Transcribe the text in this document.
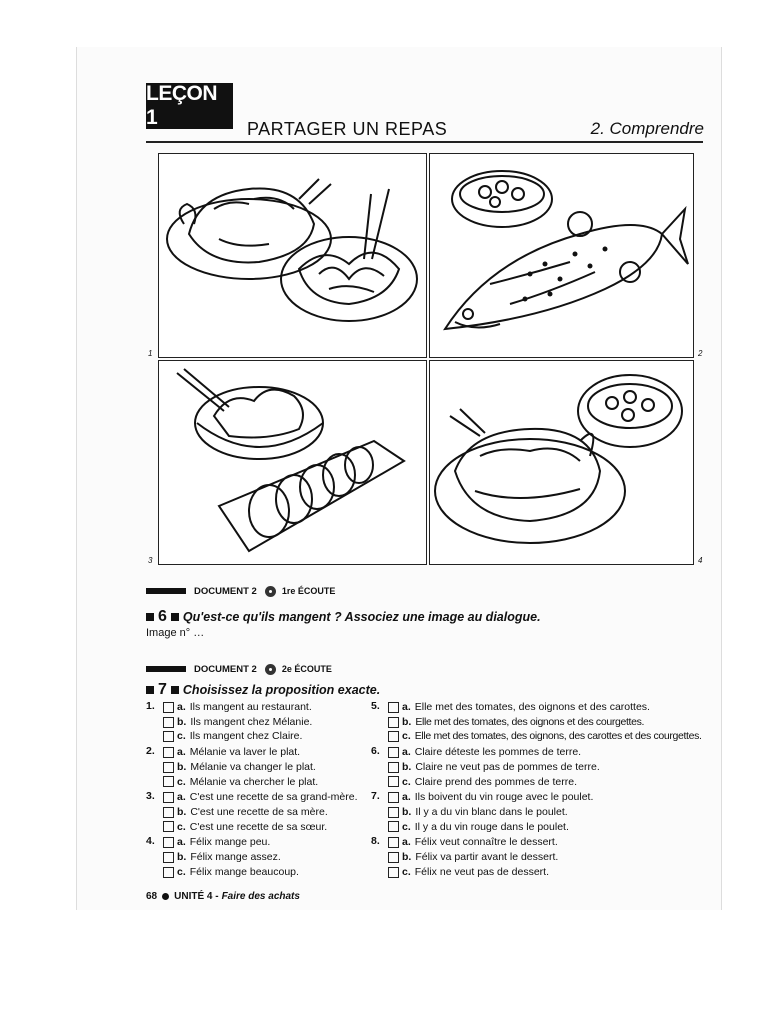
LEÇON 1	PARTAGER UN REPAS	2. Comprendre
1	2
3	4
DOCUMENT 2	1re ÉCOUTE
6 Qu'est-ce qu'ils mangent ? Associez une image au dialogue.
Image n° …
DOCUMENT 2	2e ÉCOUTE
7 Choisissez la proposition exacte.
1.	a. Ils mangent au restaurant.
b. Ils mangent chez Mélanie.
c. Ils mangent chez Claire.
2.	a. Mélanie va laver le plat.
b. Mélanie va changer le plat.
c. Mélanie va chercher le plat.
3.	a. C'est une recette de sa grand-mère.
b. C'est une recette de sa mère.
c. C'est une recette de sa sœur.
4.	a. Félix mange peu.
b. Félix mange assez.
c. Félix mange beaucoup.
5.	a. Elle met des tomates, des oignons et des carottes.
b. Elle met des tomates, des oignons et des courgettes.
c. Elle met des tomates, des oignons, des carottes et des courgettes.
6.	a. Claire déteste les pommes de terre.
b. Claire ne veut pas de pommes de terre.
c. Claire prend des pommes de terre.
7.	a. Ils boivent du vin rouge avec le poulet.
b. Il y a du vin blanc dans le poulet.
c. Il y a du vin rouge dans le poulet.
8.	a. Félix veut connaître le dessert.
b. Félix va partir avant le dessert.
c. Félix ne veut pas de dessert.
68 UNITÉ 4 - Faire des achats
